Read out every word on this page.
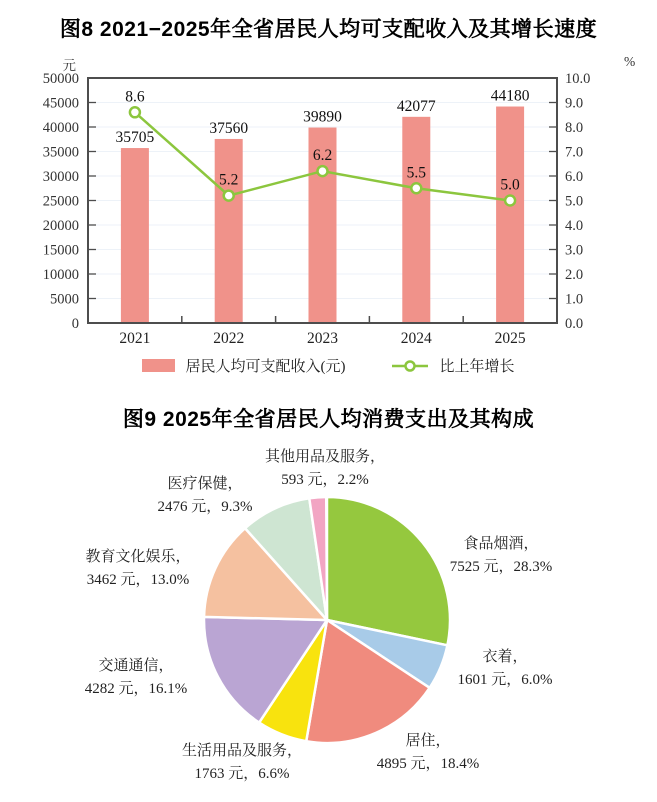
图8 2021−2025年全省居民人均可支配收入及其增长速度
元	%
35705
37560
39890
42077
44180
0
5000
10000
15000
20000
25000
30000
35000
40000
45000
50000
0.0
1.0
2.0
3.0
4.0
5.0
6.0
7.0
8.0
9.0
10.0
2021	2022	2023	2024	2025
8.6
5.2
6.2
5.5
5.0
居民人均可支配收入(元)	比上年增长
图9 2025年全省居民人均消费支出及其构成
食品烟酒，
7525 元，28.3%
衣着，
1601 元，6.0%
居住，
4895 元，18.4%
生活用品及服务，
1763 元，6.6%
交通通信，
4282 元，16.1%
教育文化娱乐，
3462 元，13.0%
医疗保健，
2476 元，9.3%
其他用品及服务，
593 元，2.2%
